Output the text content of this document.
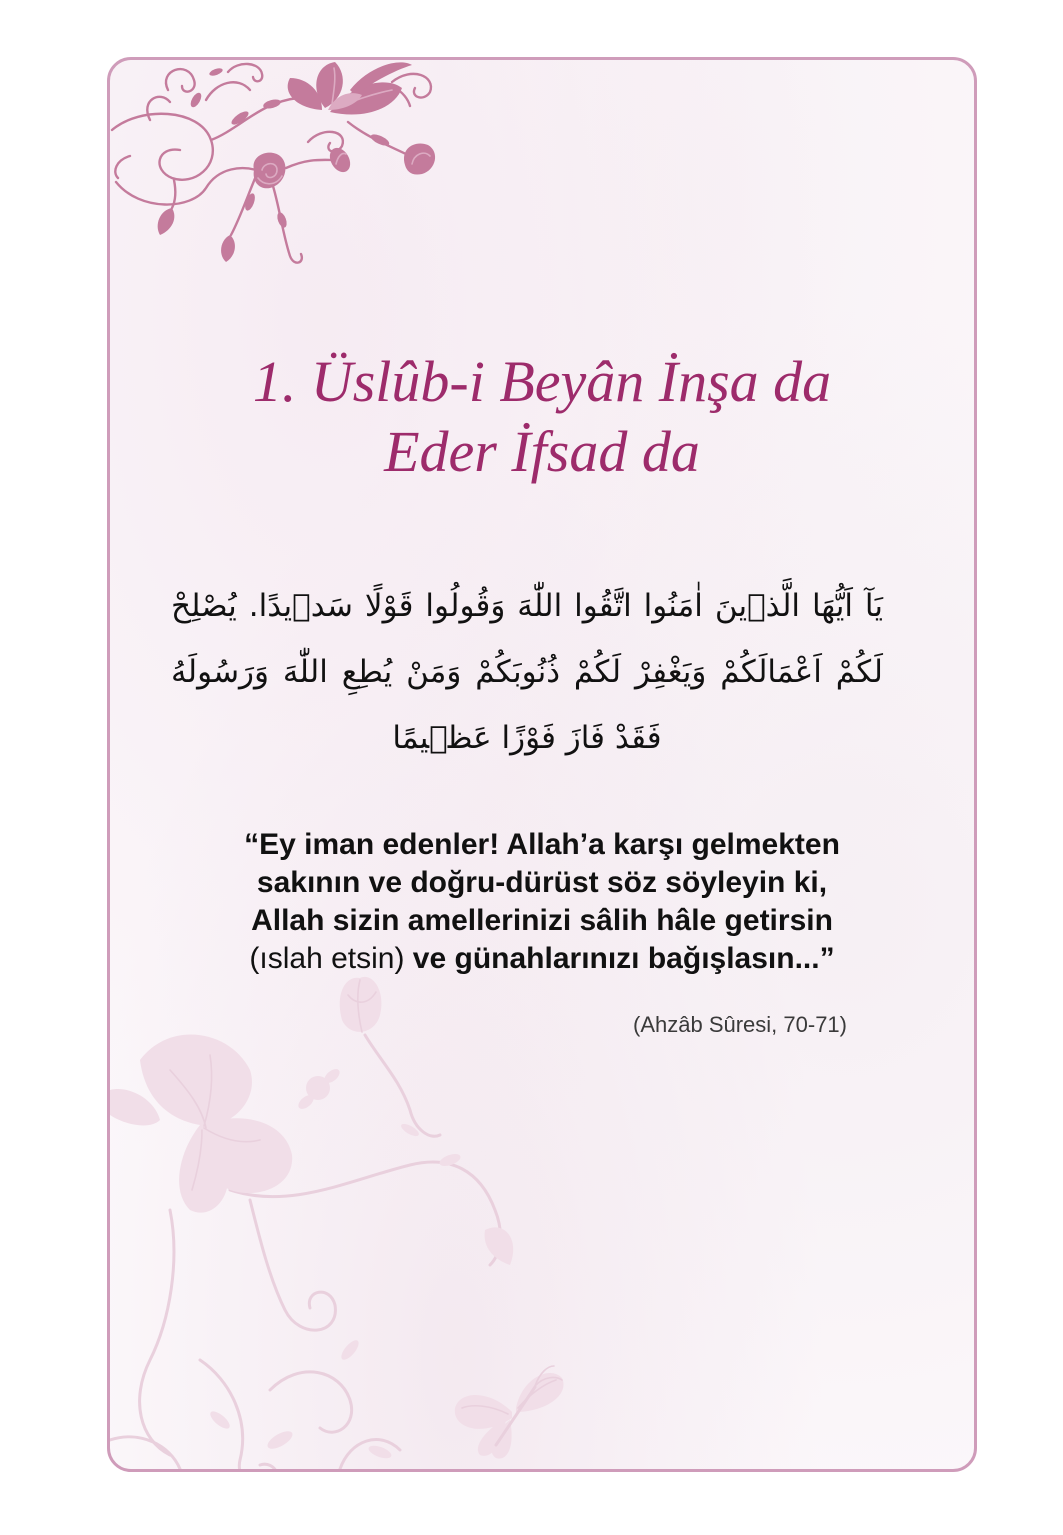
1. Üslûb-i Beyân İnşa da
Eder İfsad da
يَآ اَيُّهَا الَّذٖينَ اٰمَنُوا اتَّقُوا اللّٰهَ وَقُولُوا قَوْلًا سَدٖيدًا. يُصْلِحْ
لَكُمْ اَعْمَالَكُمْ وَيَغْفِرْ لَكُمْ ذُنُوبَكُمْ وَمَنْ يُطِعِ اللّٰهَ وَرَسُولَهُ
فَقَدْ فَازَ فَوْزًا عَظٖيمًا
“Ey iman edenler! Allah’a karşı gelmekten
sakının ve doğru-dürüst söz söyleyin ki,
Allah sizin amellerinizi sâlih hâle getirsin
(ıslah etsin) ve günahlarınızı bağışlasın...”
(Ahzâb Sûresi, 70-71)
